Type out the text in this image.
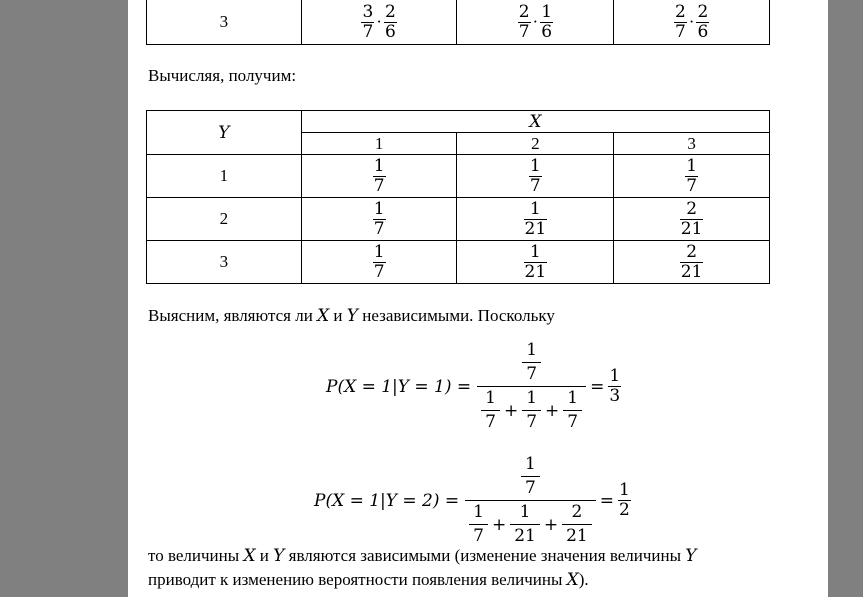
3	$\frac{3}{7} \cdot \frac{2}{6}$	$\frac{2}{7} \cdot \frac{1}{6}$	$\frac{2}{7} \cdot \frac{2}{6}$
Вычисляя, получим:
Y	X		
	1	2	3
1	$\frac{1}{7}$	$\frac{1}{7}$	$\frac{1}{7}$

2	$\frac{1}{7}$	$\frac{1}{21}$	$\frac{2}{21}$

3	$\frac{1}{7}$	$\frac{1}{21}$	$\frac{2}{21}$
Выясним, являются ли X и Y независимыми. Поскольку
$P(X = 1|Y = 1) = \frac{\frac{1}{7}}{\frac{1}{7} + \frac{1}{7} + \frac{1}{7}} = \frac{1}{3}$
$P(X = 1|Y = 2) = \frac{\frac{1}{7}}{\frac{1}{7} + \frac{1}{21} + \frac{2}{21}} = \frac{1}{2}$
то величины X и Y являются зависимыми (изменение значения величины Y
приводит к изменению вероятности появления величины X).
